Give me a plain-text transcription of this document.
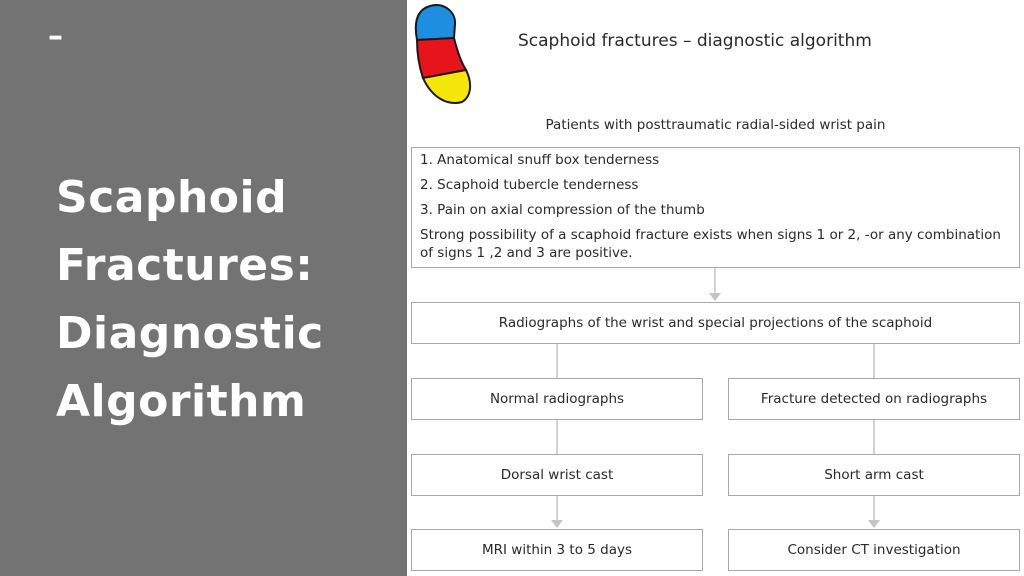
–
Scaphoid
Fractures:
Diagnostic
Algorithm
Scaphoid fractures – diagnostic algorithm
Patients with posttraumatic radial-sided wrist pain
1. Anatomical snuff box tenderness
2. Scaphoid tubercle tenderness
3. Pain on axial compression of the thumb
Strong possibility of a scaphoid fracture exists when signs 1 or 2, -or any combination of signs 1 ,2 and 3 are positive.
Radiographs of the wrist and special projections of the scaphoid
Normal radiographs	Fracture detected on radiographs
Dorsal wrist cast	Short arm cast
MRI within 3 to 5 days	Consider CT investigation
